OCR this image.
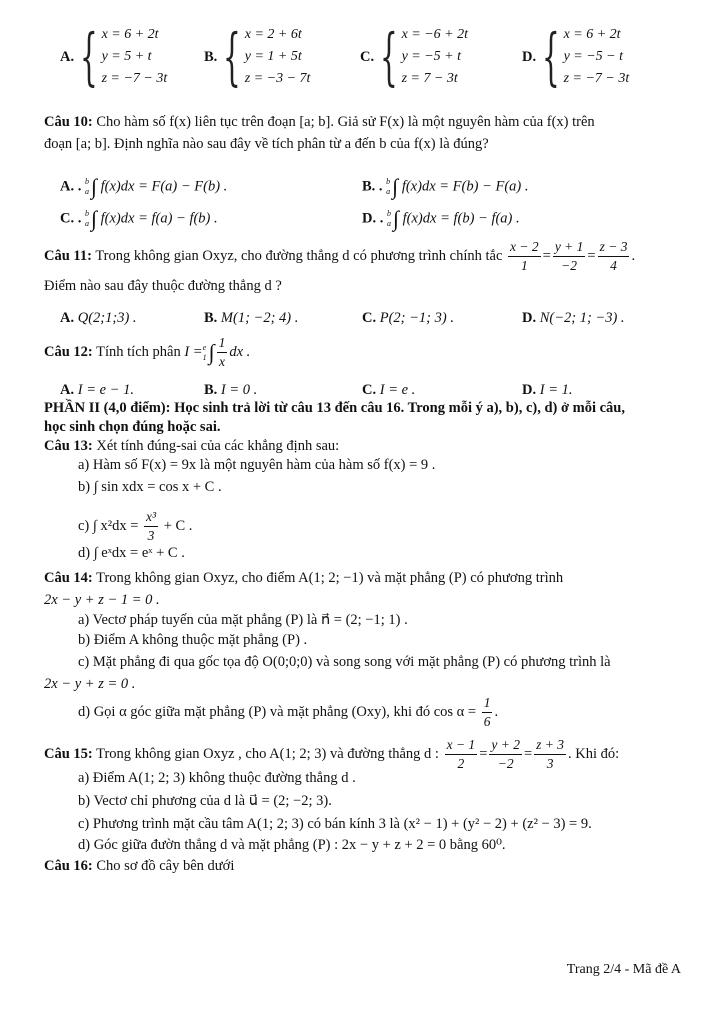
A. { x = 6 + 2t
y = 5 + t
z = −7 − 3t
B. { x = 2 + 6t
y = 1 + 5t
z = −3 − 7t
C. { x = −6 + 2t
y = −5 + t
z = 7 − 3t
D. { x = 6 + 2t
y = −5 − t
z = −7 − 3t
Câu 10: Cho hàm số f(x) liên tục trên đoạn [a; b]. Giả sử F(x) là một nguyên hàm của f(x) trên
đoạn [a; b]. Định nghĩa nào sau đây về tích phân từ a đến b của f(x) là đúng?
A. . b
a ∫ f(x)dx = F(a) − F(b) .	B. . b
a ∫ f(x)dx = F(b) − F(a) .
C. . b
a ∫ f(x)dx = f(a) − f(b) .	D. . b
a ∫ f(x)dx = f(b) − f(a) .
Câu 11: Trong không gian Oxyz, cho đường thẳng d có phương trình chính tắc $\frac{x - 2}{1} = \frac{y + 1}{-2} = \frac{z - 3}{4}$ .
Điểm nào sau đây thuộc đường thẳng d ?
A. Q(2;1;3) .	B. M(1; −2; 4) .	C. P(2; −1; 3) .	D. N(−2; 1; −3) .
Câu 12: Tính tích phân I = e
1 ∫ $\frac{1}{x}$ dx .
A. I = e − 1.	B. I = 0 .	C. I = e .	D. I = 1.
PHẦN II (4,0 điểm): Học sinh trả lời từ câu 13 đến câu 16. Trong mỗi ý a), b), c), d) ở mỗi câu,
học sinh chọn đúng hoặc sai.
Câu 13: Xét tính đúng-sai của các khẳng định sau:
a) Hàm số F(x) = 9x là một nguyên hàm của hàm số f(x) = 9 .
b) ∫ sin xdx = cos x + C .
c) ∫ $x^2dx = \frac{\text{x³}}{3} + C$ .
d) ∫ eˣdx = eˣ + C .
Câu 14: Trong không gian Oxyz, cho điểm A(1; 2; −1) và mặt phẳng (P) có phương trình
2x − y + z − 1 = 0 .
a) Vectơ pháp tuyến của mặt phẳng (P) là n⃗ = (2; −1; 1) .
b) Điểm A không thuộc mặt phẳng (P) .
c) Mặt phẳng đi qua gốc tọa độ O(0;0;0) và song song với mặt phẳng (P) có phương trình là
2x − y + z = 0 .
d) Gọi α góc giữa mặt phẳng (P) và mặt phẳng (Oxy), khi đó $\cos \alpha = \frac{1}{6}$ .
Câu 15: Trong không gian Oxyz , cho A(1; 2; 3) và đường thẳng d : $\frac{x - 1}{2} = \frac{y + 2}{-2} = \frac{z + 3}{3}$ . Khi đó:
a) Điểm A(1; 2; 3) không thuộc đường thẳng d .
b) Vectơ chỉ phương của d là u⃗ = (2; −2; 3).
c) Phương trình mặt cầu tâm A(1; 2; 3) có bán kính 3 là (x² − 1) + (y² − 2) + (z² − 3) = 9.
d) Góc giữa đườn thẳng d và mặt phẳng (P) : 2x − y + z + 2 = 0 bằng 60⁰.
Câu 16: Cho sơ đồ cây bên dưới
Trang 2/4 - Mã đề A
